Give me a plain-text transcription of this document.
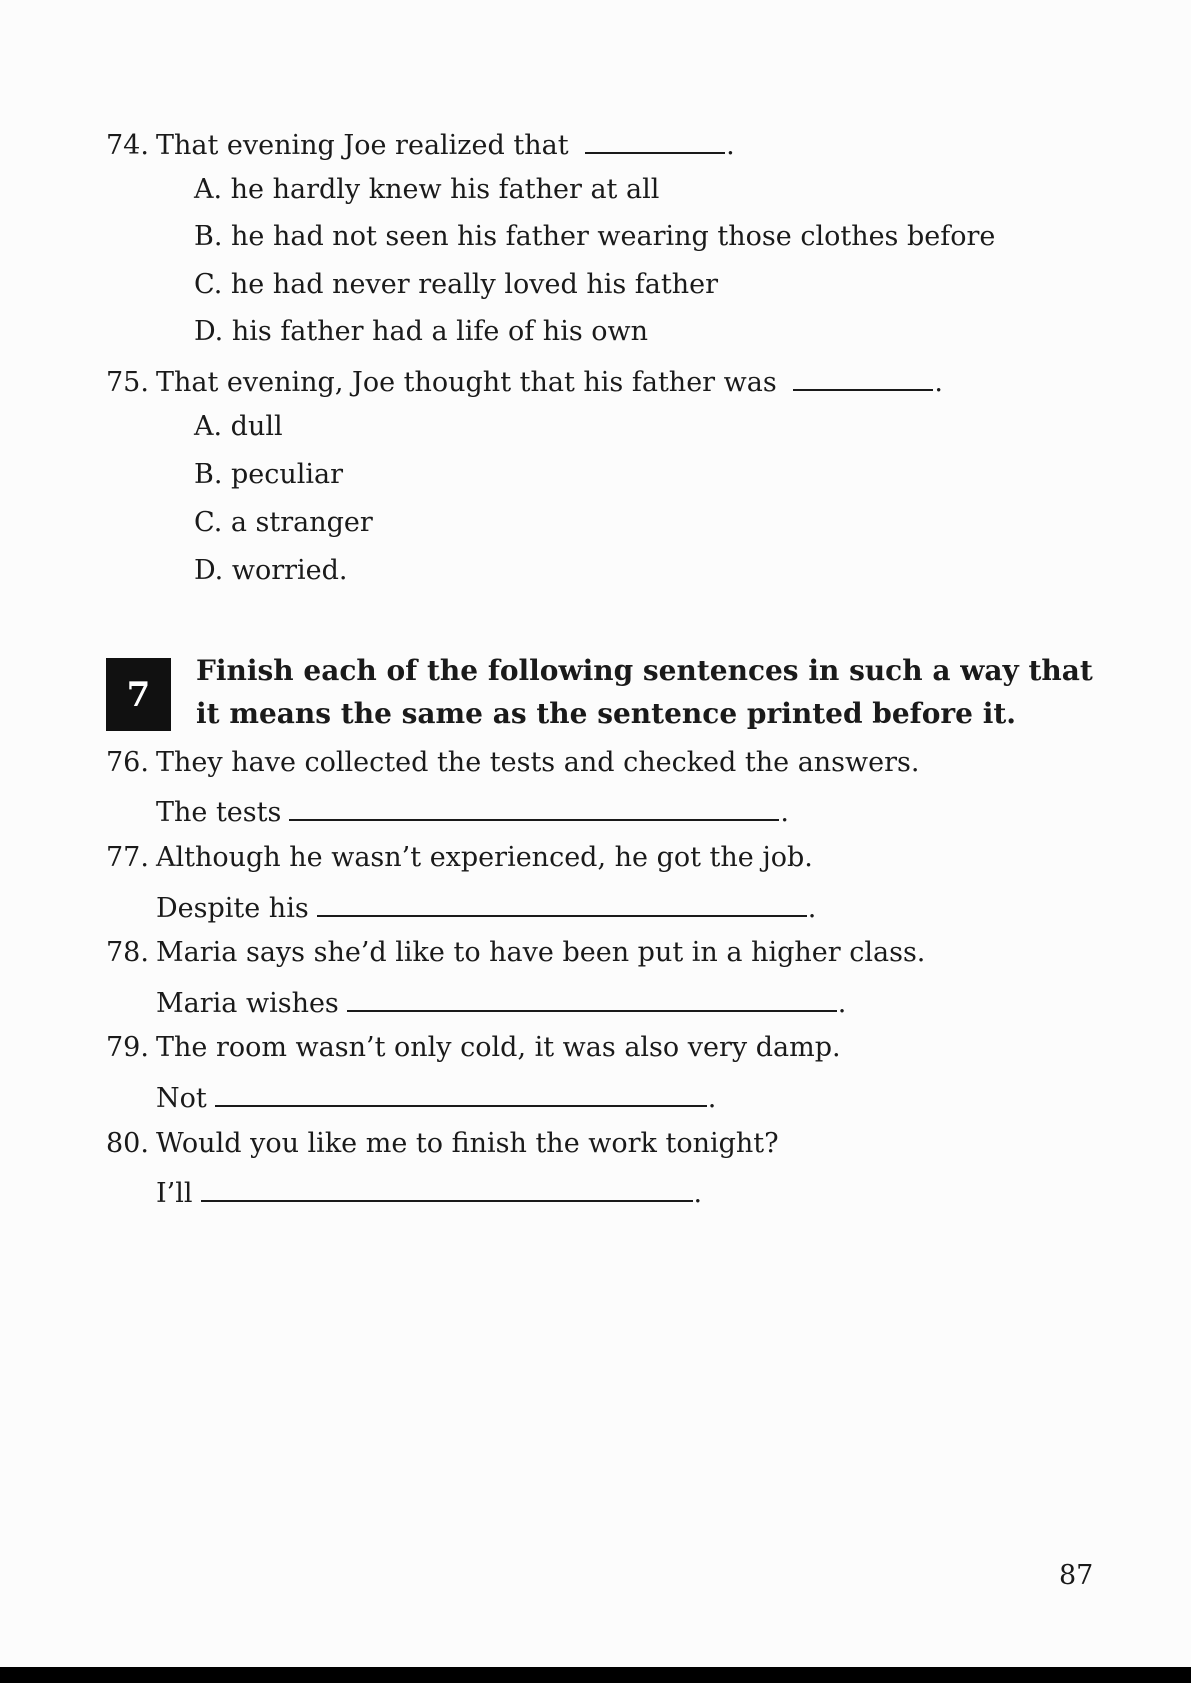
74. That evening Joe realized that	.
A. he hardly knew his father at all
B. he had not seen his father wearing those clothes before
C. he had never really loved his father
D. his father had a life of his own
75. That evening, Joe thought that his father was	.
A. dull
B. peculiar
C. a stranger
D. worried.
7
Finish each of the following sentences in such a way that
it means the same as the sentence printed before it.
76. They have collected the tests and checked the answers.
The tests	.
77. Although he wasn’t experienced, he got the job.
Despite his	.
78. Maria says she’d like to have been put in a higher class.
Maria wishes	.
79. The room wasn’t only cold, it was also very damp.
Not	.
80. Would you like me to finish the work tonight?
I’ll	.
87
